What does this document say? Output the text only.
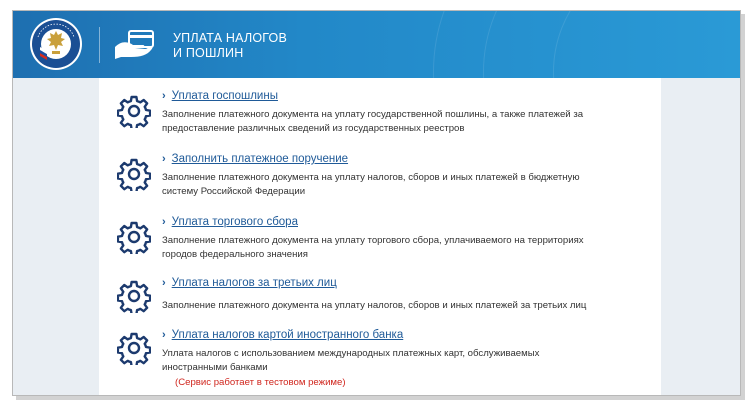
УПЛАТА НАЛОГОВ
И ПОШЛИН
› Уплата госпошлины
Заполнение платежного документа на уплату государственной пошлины, а также платежей за предоставление различных сведений из государственных реестров
› Заполнить платежное поручение
Заполнение платежного документа на уплату налогов, сборов и иных платежей в бюджетную систему Российской Федерации
› Уплата торгового сбора
Заполнение платежного документа на уплату торгового сбора, уплачиваемого на территориях городов федерального значения
› Уплата налогов за третьих лиц
Заполнение платежного документа на уплату налогов, сборов и иных платежей за третьих лиц
› Уплата налогов картой иностранного банка
Уплата налогов с использованием международных платежных карт, обслуживаемых иностранными банками
(Сервис работает в тестовом режиме)
